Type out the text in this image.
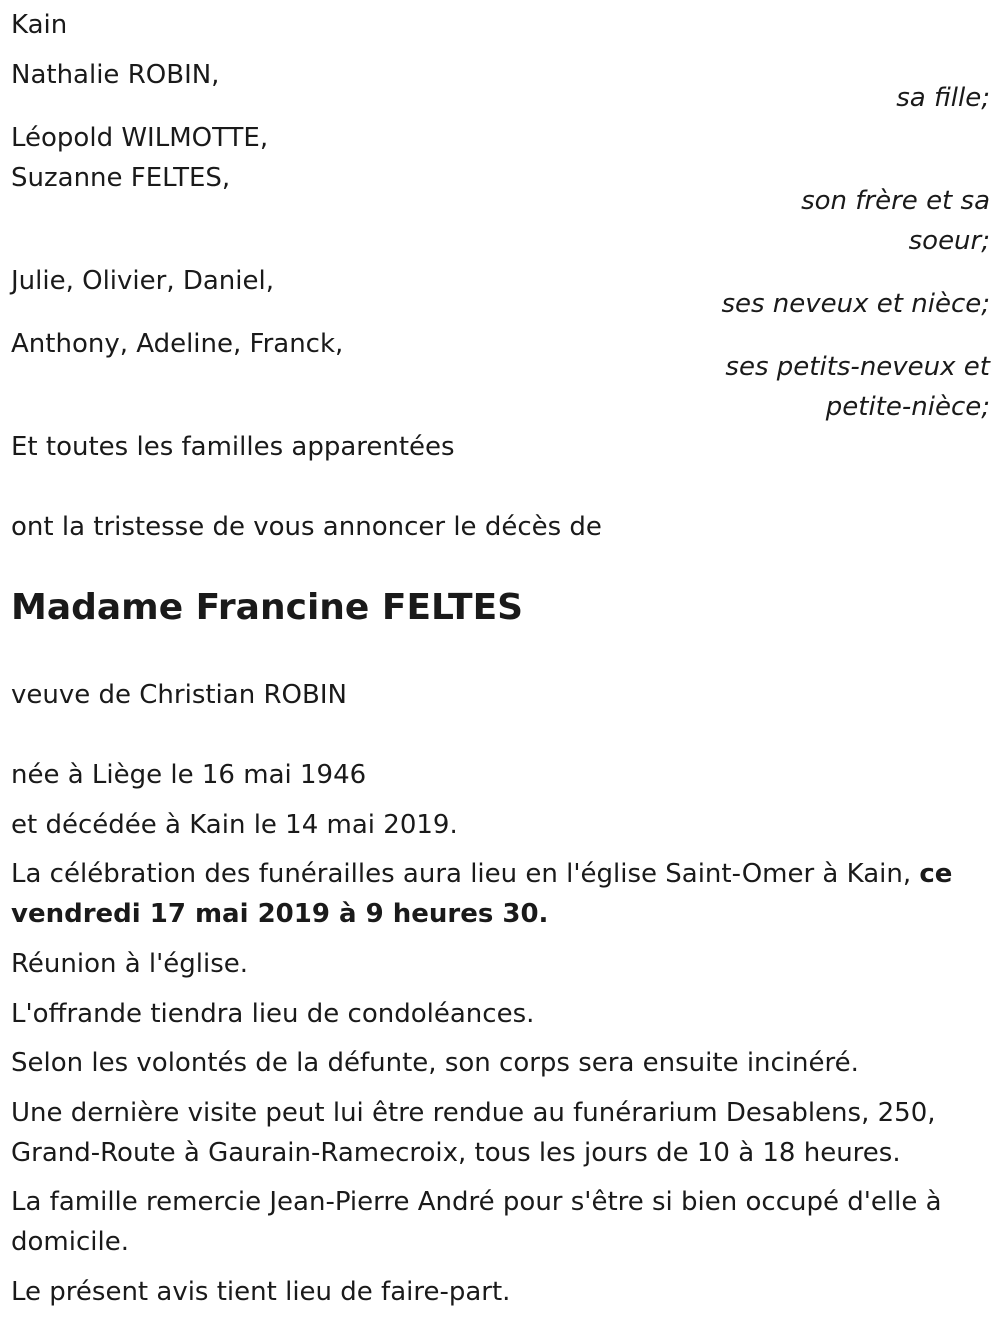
Kain
Nathalie ROBIN,
sa fille;
Léopold WILMOTTE,
Suzanne FELTES,
son frère et sa
soeur;
Julie, Olivier, Daniel,
ses neveux et nièce;
Anthony, Adeline, Franck,
ses petits-neveux et
petite-nièce;
Et toutes les familles apparentées
ont la tristesse de vous annoncer le décès de
Madame Francine FELTES
veuve de Christian ROBIN
née à Liège le 16 mai 1946
et décédée à Kain le 14 mai 2019.
La célébration des funérailles aura lieu en l'église Saint-Omer à Kain, ce vendredi 17 mai 2019 à 9 heures 30.
Réunion à l'église.
L'offrande tiendra lieu de condoléances.
Selon les volontés de la défunte, son corps sera ensuite incinéré.
Une dernière visite peut lui être rendue au funérarium Desablens, 250, Grand-Route à Gaurain-Ramecroix, tous les jours de 10 à 18 heures.
La famille remercie Jean-Pierre André pour s'être si bien occupé d'elle à domicile.
Le présent avis tient lieu de faire-part.
